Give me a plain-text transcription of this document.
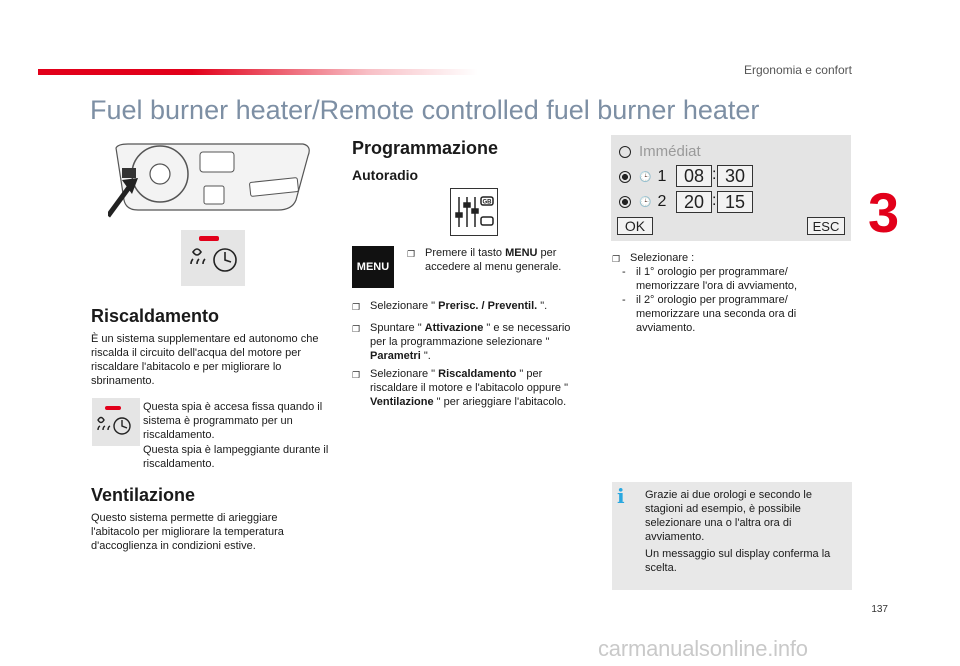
Ergonomia e confort
Fuel burner heater/Remote controlled fuel burner heater
3
Riscaldamento
È un sistema supplementare ed autonomo che riscalda il circuito dell'acqua del motore per riscaldare l'abitacolo e per migliorare lo sbrinamento.
Questa spia è accesa fissa quando il sistema è programmato per un riscaldamento.
Questa spia è lampeggiante durante il riscaldamento.
Ventilazione
Questo sistema permette di arieggiare l'abitacolo per migliorare la temperatura d'accoglienza in condizioni estive.
Programmazione
Autoradio
GB
MENU
❐ Premere il tasto MENU per accedere al menu generale.
❐ Selezionare " Prerisc. / Preventil. ".
❐ Spuntare " Attivazione " e se necessario per la programmazione selezionare " Parametri ".
❐ Selezionare " Riscaldamento " per riscaldare il motore e l'abitacolo oppure " Ventilazione " per arieggiare l'abitacolo.
Immédiat
🕒 1
🕒 2
08 : 30
20 : 15
OK	ESC
❐ Selezionare :
- il 1° orologio per programmare/ memorizzare l'ora di avviamento,
- il 2° orologio per programmare/ memorizzare una seconda ora di avviamento.
i Grazie ai due orologi e secondo le stagioni ad esempio, è possibile selezionare una o l'altra ora di avviamento.
Un messaggio sul display conferma la scelta.
137
carmanualsonline.info
